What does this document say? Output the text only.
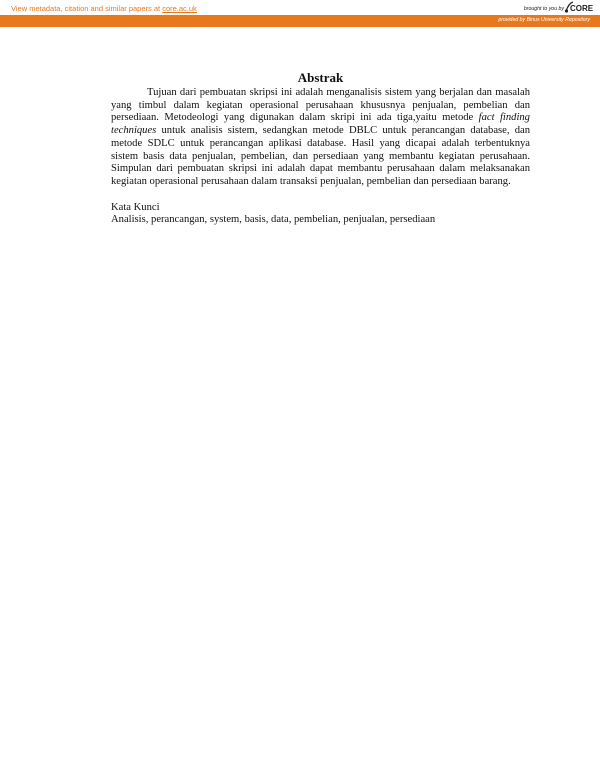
View metadata, citation and similar papers at core.ac.uk	brought to you by CORE
provided by Binus University Repository
Abstrak

Tujuan dari pembuatan skripsi ini adalah menganalisis sistem yang berjalan dan masalah yang timbul dalam kegiatan operasional perusahaan khususnya penjualan, pembelian dan persediaan. Metodeologi yang digunakan dalam skripi ini ada tiga,yaitu metode fact finding techniques untuk analisis sistem, sedangkan metode DBLC untuk perancangan database, dan metode SDLC untuk perancangan aplikasi database. Hasil yang dicapai adalah terbentuknya sistem basis data penjualan, pembelian, dan persediaan yang membantu kegiatan perusahaan. Simpulan dari pembuatan skripsi ini adalah dapat membantu perusahaan dalam melaksanakan kegiatan operasional perusahaan dalam transaksi penjualan, pembelian dan persediaan barang.

Kata Kunci

Analisis, perancangan, system, basis, data, pembelian, penjualan, persediaan
